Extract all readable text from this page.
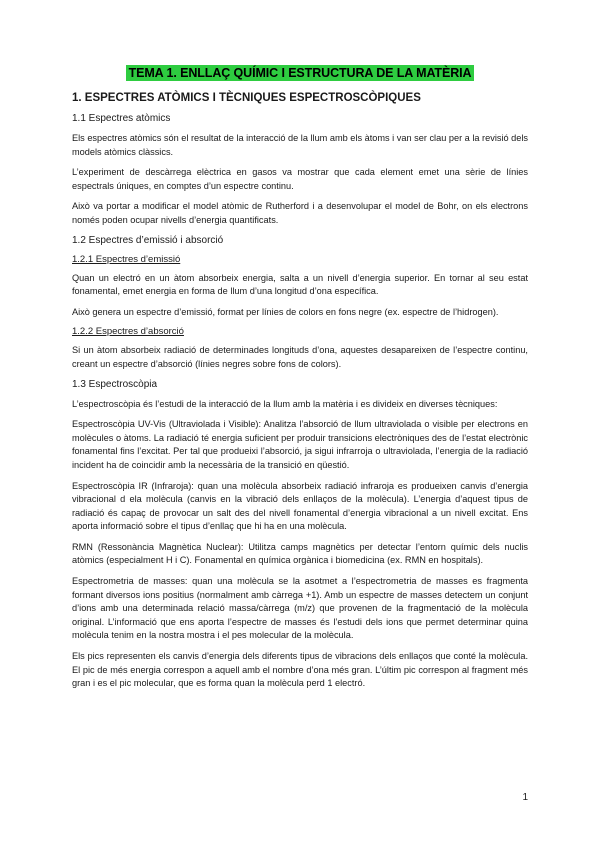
TEMA 1. ENLLAÇ QUÍMIC I ESTRUCTURA DE LA MATÈRIA
1. ESPECTRES ATÒMICS I TÈCNIQUES ESPECTROSCÒPIQUES
1.1 Espectres atòmics

Els espectres atòmics són el resultat de la interacció de la llum amb els àtoms i van ser clau per a la revisió dels models atòmics clàssics.

L’experiment de descàrrega elèctrica en gasos va mostrar que cada element emet una sèrie de línies espectrals úniques, en comptes d’un espectre continu.

Això va portar a modificar el model atòmic de Rutherford i a desenvolupar el model de Bohr, on els electrons només poden ocupar nivells d’energia quantificats.

1.2 Espectres d’emissió i absorció
1.2.1 Espectres d’emissió

Quan un electró en un àtom absorbeix energia, salta a un nivell d’energia superior. En tornar al seu estat fonamental, emet energia en forma de llum d’una longitud d’ona específica.

Això genera un espectre d’emissió, format per línies de colors en fons negre (ex. espectre de l’hidrogen).

1.2.2 Espectres d’absorció

Si un àtom absorbeix radiació de determinades longituds d’ona, aquestes desapareixen de l’espectre continu, creant un espectre d’absorció (línies negres sobre fons de colors).

1.3 Espectroscòpia

L’espectroscòpia és l’estudi de la interacció de la llum amb la matèria i es divideix en diverses tècniques:

Espectroscòpia UV-Vis (Ultraviolada i Visible): Analitza l’absorció de llum ultraviolada o visible per electrons en molècules o àtoms. La radiació té energia suficient per produir transicions electròniques des de l’estat electrònic fonamental fins l’excitat. Per tal que produeixi l’absorció, ja sigui infrarroja o ultraviolada, l’energia de la radiació incident ha de coincidir amb la necessària de la transició en qüestió.

Espectroscòpia IR (Infraroja): quan una molècula absorbeix radiació infraroja es produeixen canvis d’energia vibracional d ela molècula (canvis en la vibració dels enllaços de la molècula). L’energia d’aquest tipus de radiació és capaç de provocar un salt des del nivell fonamental d’energia vibracional a un nivell excitat. Ens aporta informació sobre el tipus d’enllaç que hi ha en una molècula.

RMN (Ressonància Magnètica Nuclear): Utilitza camps magnètics per detectar l’entorn químic dels nuclis atòmics (especialment H i C). Fonamental en química orgànica i biomedicina (ex. RMN en hospitals).

Espectrometria de masses: quan una molècula se la asotmet a l’espectrometria de masses es fragmenta formant diversos ions positius (normalment amb càrrega +1). Amb un espectre de masses detectem un conjunt d’ions amb una determinada relació massa/càrrega (m/z) que provenen de la fragmentació de la molècula original. L’informació que ens aporta l’espectre de masses és l’estudi dels ions que permet determinar quina molècula tenim en la nostra mostra i el pes molecular de la molècula.

Els pics representen els canvis d’energia dels diferents tipus de vibracions dels enllaços que conté la molècula. El pic de més energia correspon a aquell amb el nombre d’ona més gran. L’últim pic correspon al fragment més gran i es el pic molecular, que es forma quan la molècula perd 1 electró.

1
